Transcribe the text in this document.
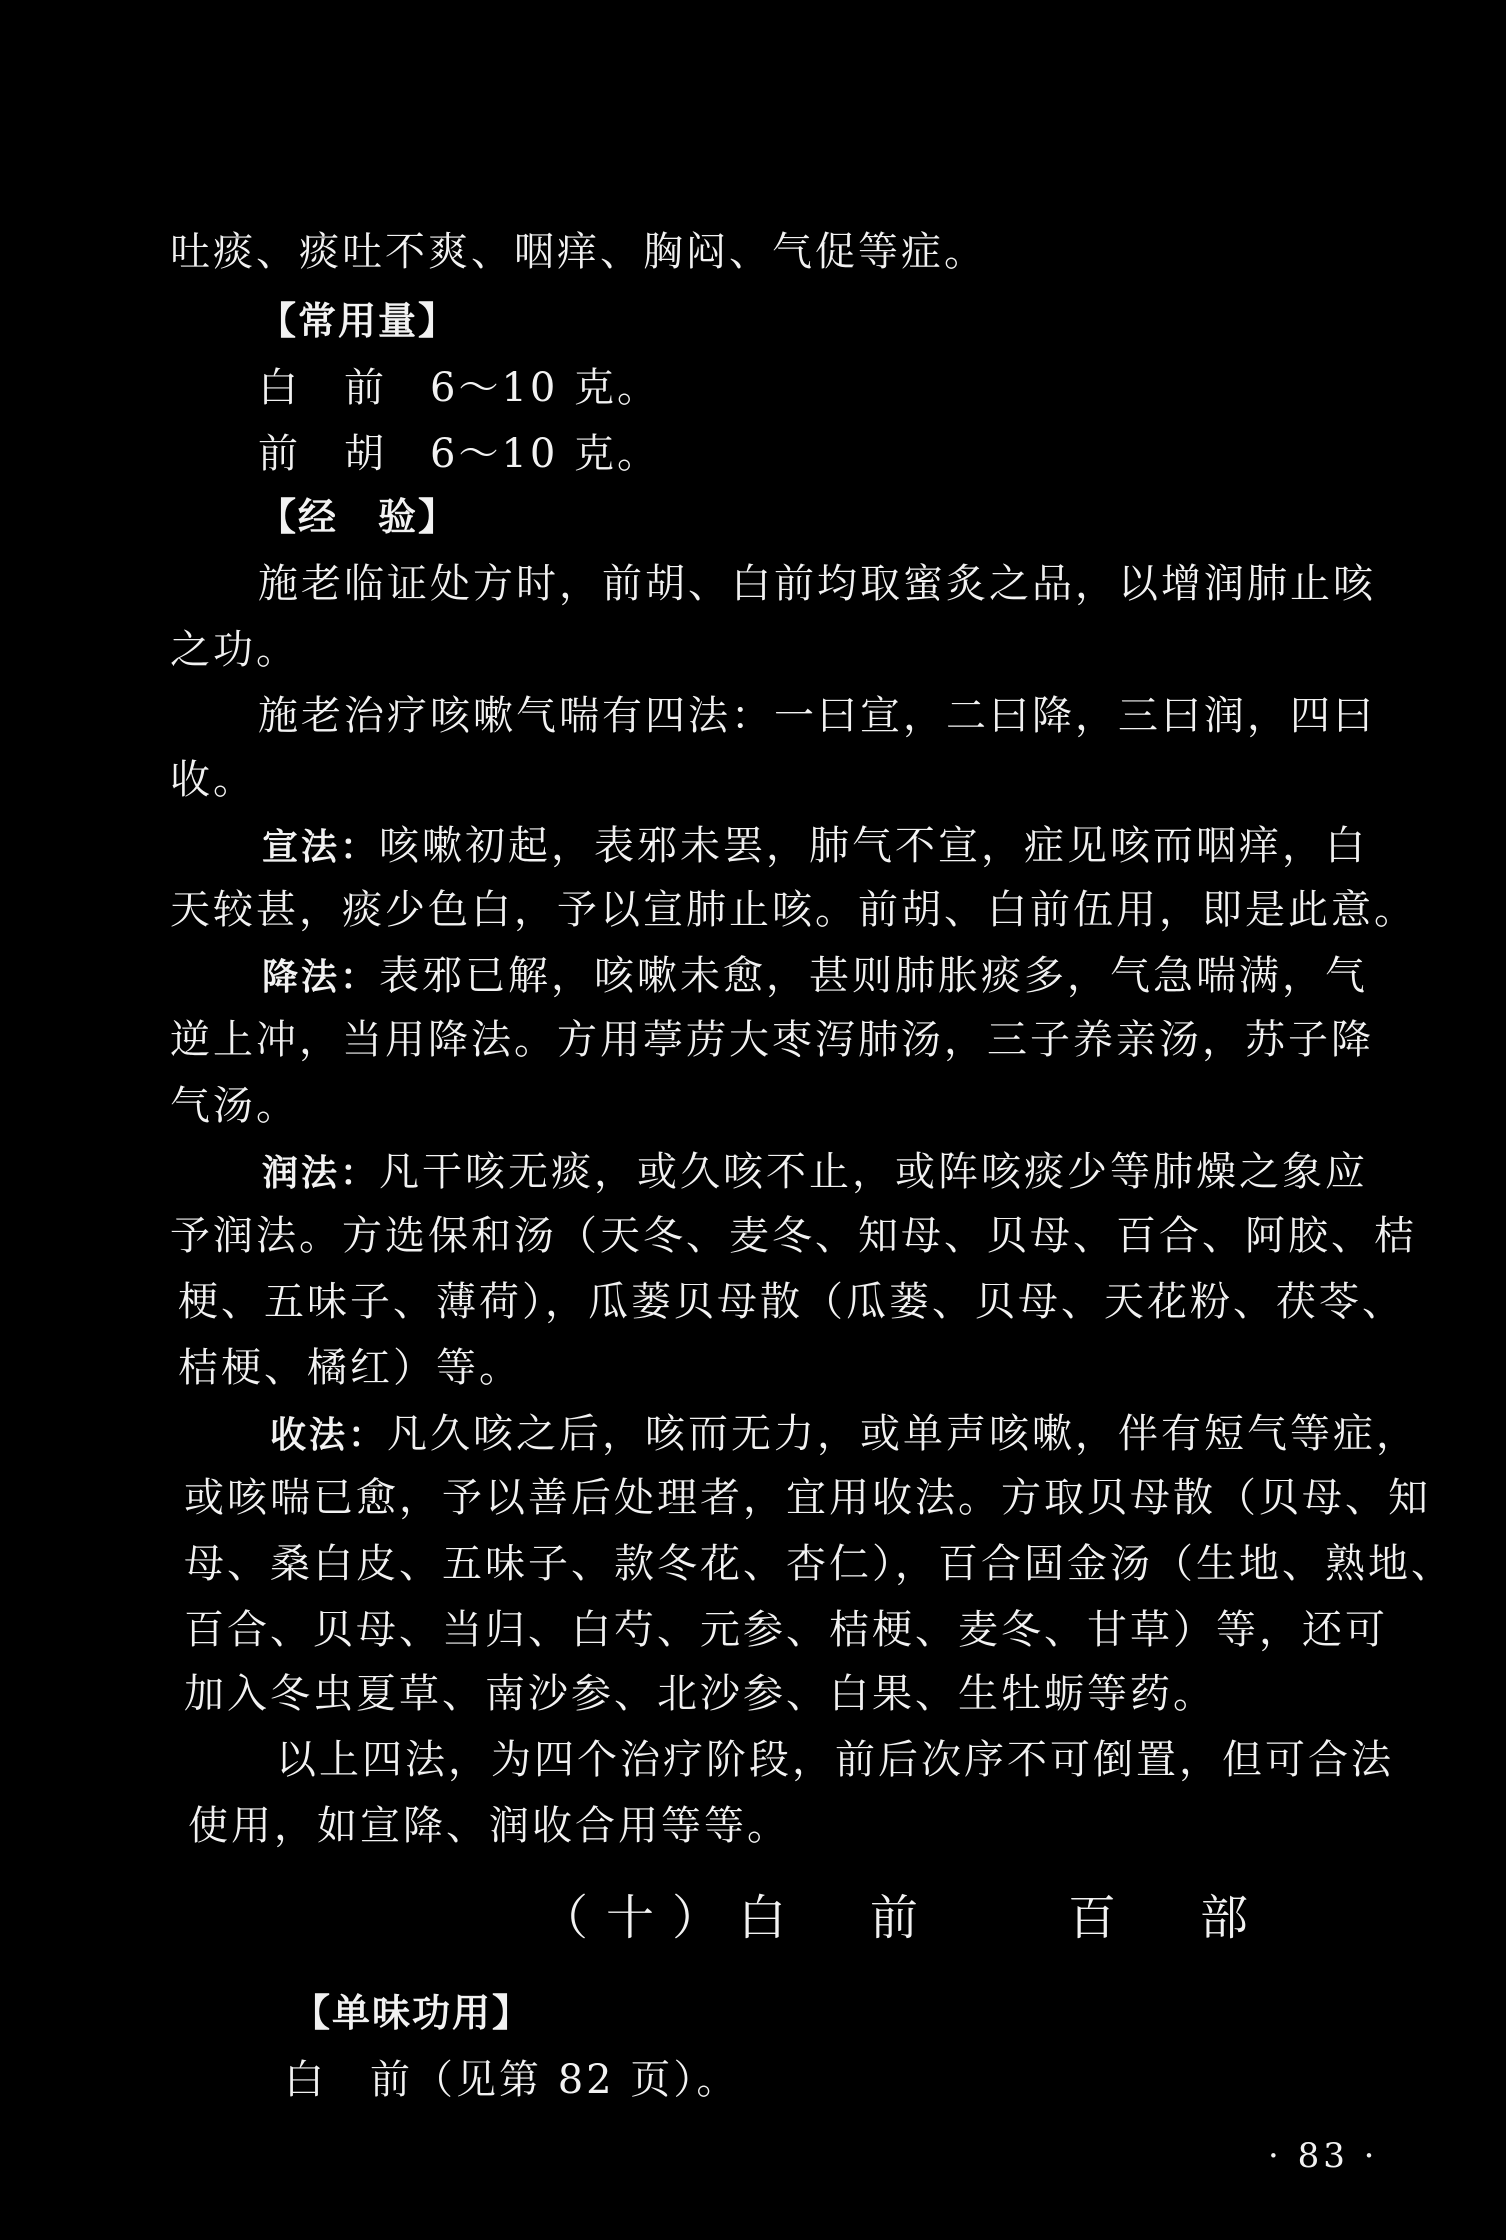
吐痰、痰吐不爽、咽痒、胸闷、气促等症。
【常用量】
白　前　6～10 克。
前　胡　6～10 克。
【经　验】
施老临证处方时，前胡、白前均取蜜炙之品，以增润肺止咳
之功。
施老治疗咳嗽气喘有四法：一曰宣，二曰降，三曰润，四曰
收。
宣法：咳嗽初起，表邪未罢，肺气不宣，症见咳而咽痒，白
天较甚，痰少色白，予以宣肺止咳。前胡、白前伍用，即是此意。
降法：表邪已解，咳嗽未愈，甚则肺胀痰多，气急喘满，气
逆上冲，当用降法。方用葶苈大枣泻肺汤，三子养亲汤，苏子降
气汤。
润法：凡干咳无痰，或久咳不止，或阵咳痰少等肺燥之象应
予润法。方选保和汤（天冬、麦冬、知母、贝母、百合、阿胶、桔
梗、五味子、薄荷），瓜蒌贝母散（瓜蒌、贝母、天花粉、茯苓、
桔梗、橘红）等。
收法：凡久咳之后，咳而无力，或单声咳嗽，伴有短气等症，
或咳喘已愈，予以善后处理者，宜用收法。方取贝母散（贝母、知
母、桑白皮、五味子、款冬花、杏仁），百合固金汤（生地、熟地、
百合、贝母、当归、白芍、元参、桔梗、麦冬、甘草）等，还可
加入冬虫夏草、南沙参、北沙参、白果、生牡蛎等药。
以上四法，为四个治疗阶段，前后次序不可倒置，但可合法
使用，如宣降、润收合用等等。
（十）白　前　　百　部
【单味功用】
白　前（见第 82 页）。
· 83 ·
